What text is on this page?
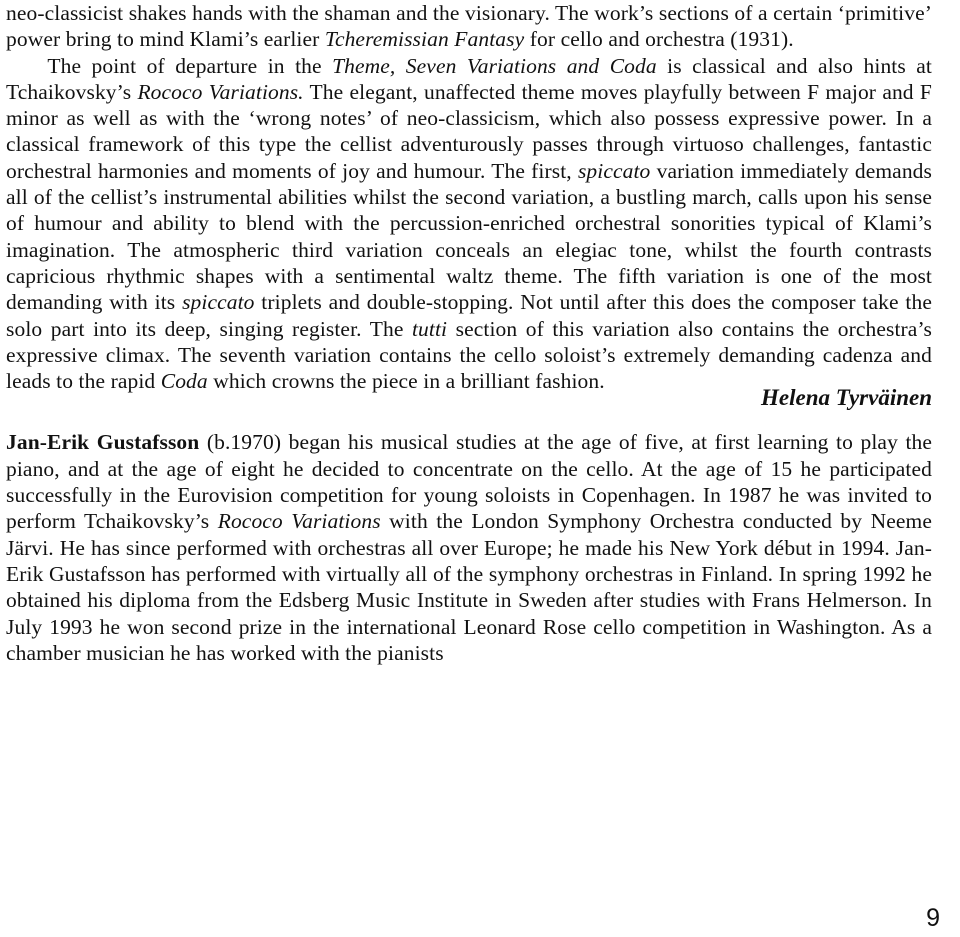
neo-classicist shakes hands with the shaman and the visionary. The work’s sections of a certain ‘primitive’ power bring to mind Klami’s earlier Tcheremissian Fantasy for cello and orchestra (1931).
The point of departure in the Theme, Seven Variations and Coda is classical and also hints at Tchaikovsky’s Rococo Variations. The elegant, unaffected theme moves playfully between F major and F minor as well as with the ‘wrong notes’ of neo-classicism, which also possess expressive power. In a classical framework of this type the cellist adventurously passes through virtuoso challenges, fantastic orchestral harmonies and moments of joy and humour. The first, spiccato variation immediately demands all of the cellist’s instrumental abilities whilst the second variation, a bustling march, calls upon his sense of humour and ability to blend with the percussion-enriched orchestral sonorities typical of Klami’s imagination. The atmospheric third variation conceals an elegiac tone, whilst the fourth contrasts capricious rhythmic shapes with a sentimental waltz theme. The fifth variation is one of the most demanding with its spiccato triplets and double-stopping. Not until after this does the composer take the solo part into its deep, singing register. The tutti section of this variation also contains the orchestra’s expressive climax. The seventh variation contains the cello soloist’s extremely demanding cadenza and leads to the rapid Coda which crowns the piece in a brilliant fashion.

Helena Tyrväinen

Jan-Erik Gustafsson (b.1970) began his musical studies at the age of five, at first learning to play the piano, and at the age of eight he decided to concentrate on the cello. At the age of 15 he participated successfully in the Eurovision competition for young soloists in Copenhagen. In 1987 he was invited to perform Tchaikovsky’s Rococo Variations with the London Symphony Orchestra conducted by Neeme Järvi. He has since performed with orchestras all over Europe; he made his New York début in 1994. Jan-Erik Gustafsson has performed with virtually all of the symphony orchestras in Finland. In spring 1992 he obtained his diploma from the Edsberg Music Institute in Sweden after studies with Frans Helmerson. In July 1993 he won second prize in the international Leonard Rose cello competition in Washington. As a chamber musician he has worked with the pianists

9
